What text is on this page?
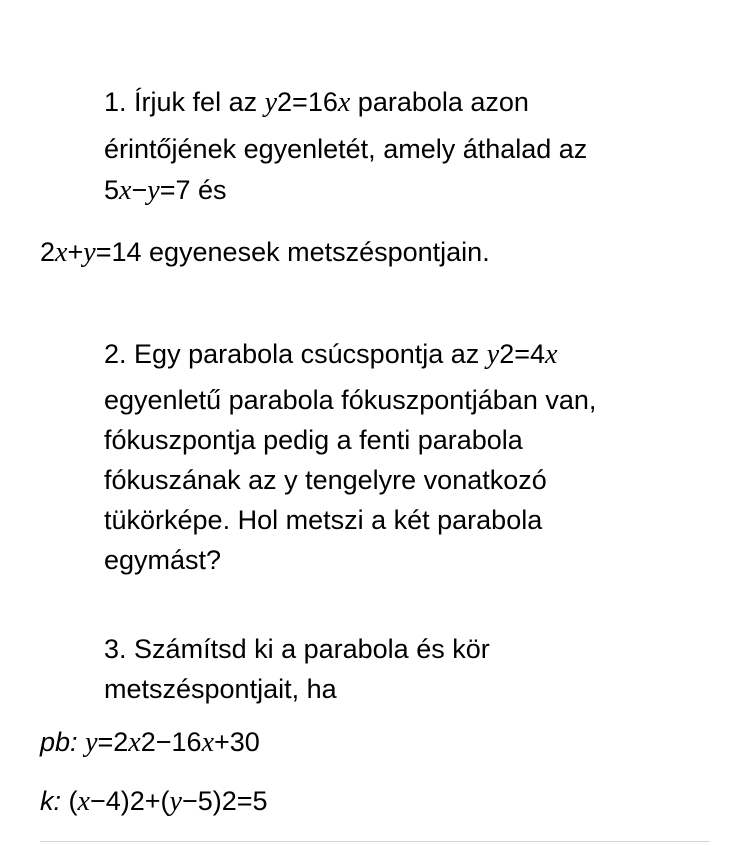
1. Írjuk fel az y2=16x parabola azon
érintőjének egyenletét, amely áthalad az
5x−y=7 és
2x+y=14 egyenesek metszéspontjain.
2. Egy parabola csúcspontja az y2=4x
egyenletű parabola fókuszpontjában van,
fókuszpontja pedig a fenti parabola
fókuszának az y tengelyre vonatkozó
tükörképe. Hol metszi a két parabola
egymást?
3. Számítsd ki a parabola és kör
metszéspontjait, ha
pb: y=2x2−16x+30
k: (x−4)2+(y−5)2=5
